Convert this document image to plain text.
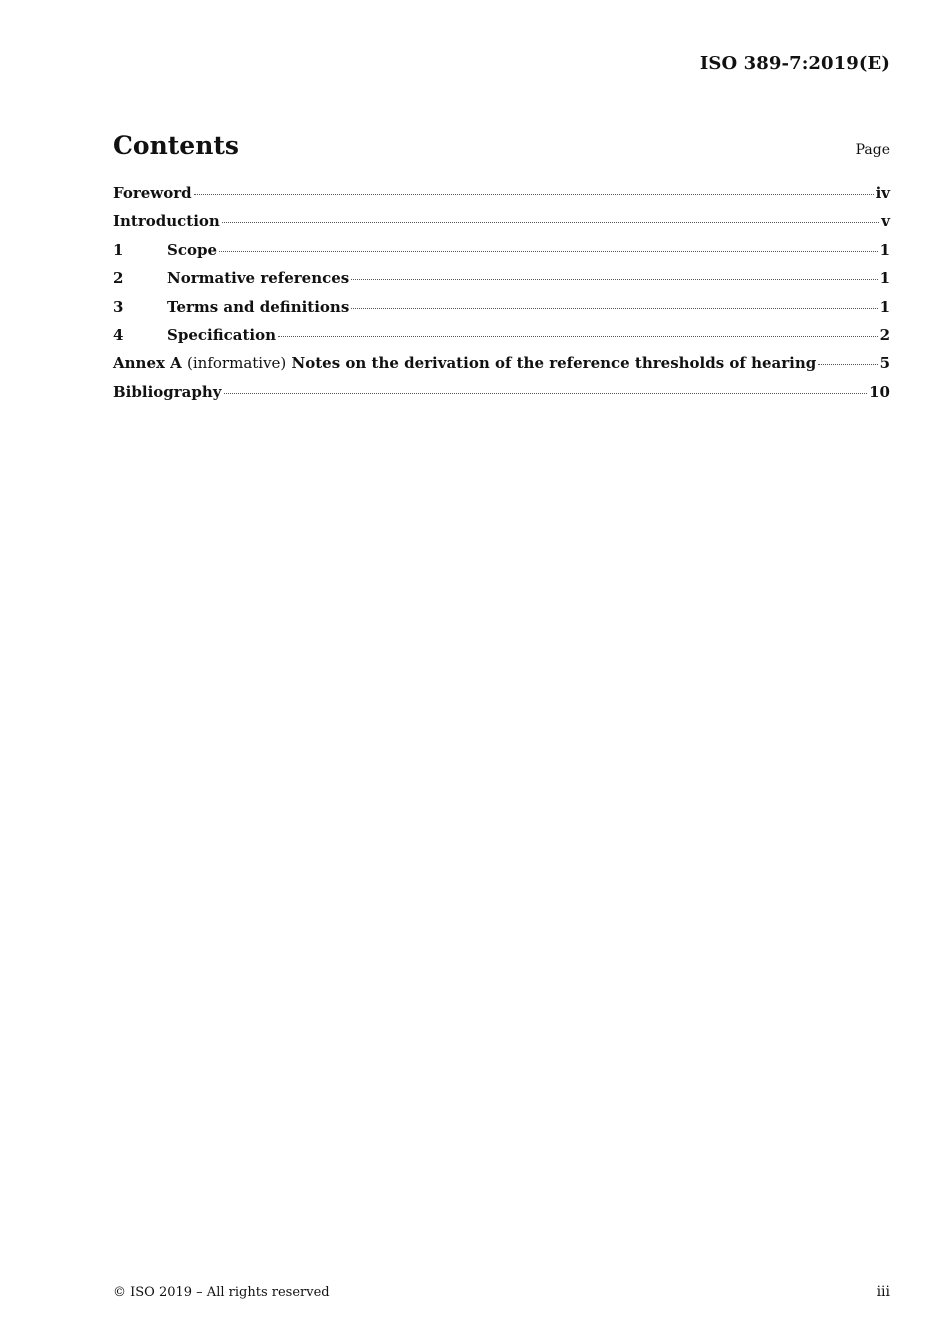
ISO 389-7:2019(E)
Contents	Page
Foreword	iv
Introduction	v
1	Scope	1
2	Normative references	1
3	Terms and definitions	1
4	Specification	2
Annex A (informative) Notes on the derivation of the reference thresholds of hearing	5
Bibliography	10
© ISO 2019 – All rights reserved	iii
